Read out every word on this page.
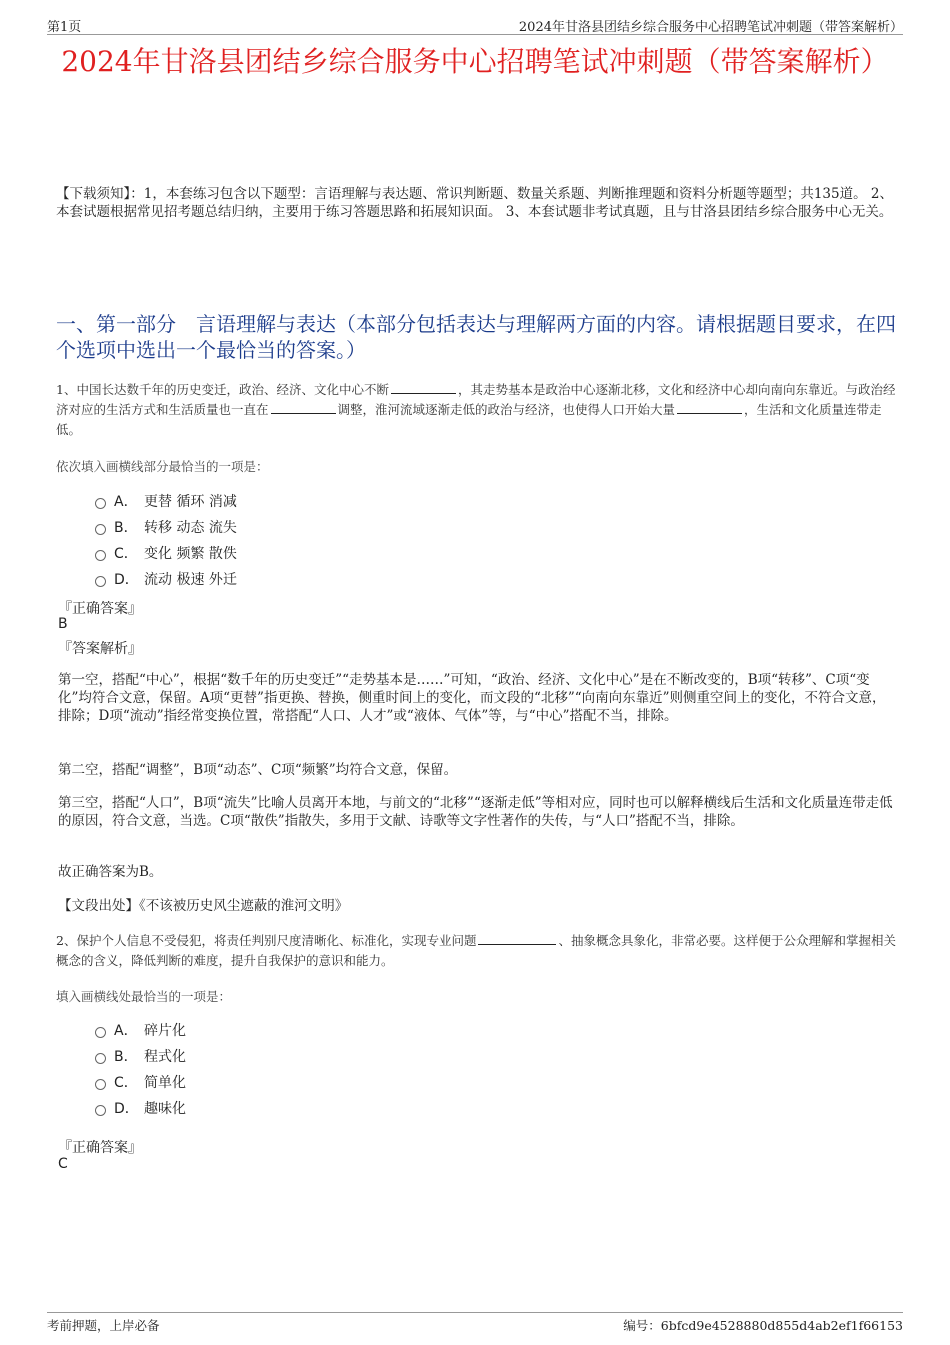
第1页	2024年甘洛县团结乡综合服务中心招聘笔试冲刺题（带答案解析）
2024年甘洛县团结乡综合服务中心招聘笔试冲刺题（带答案解析）
【下载须知】：1，本套练习包含以下题型：言语理解与表达题、常识判断题、数量关系题、判断推理题和资料分析题等题型；共135道。 2、本套试题根据常见招考题总结归纳，主要用于练习答题思路和拓展知识面。 3、本套试题非考试真题，且与甘洛县团结乡综合服务中心无关。
一、第一部分　言语理解与表达（本部分包括表达与理解两方面的内容。请根据题目要求，在四个选项中选出一个最恰当的答案。）
1、中国长达数千年的历史变迁，政治、经济、文化中心不断	，其走势基本是政治中心逐渐北移，文化和经济中心却向南向东靠近。与政治经济对应的生活方式和生活质量也一直在	调整，淮河流域逐渐走低的政治与经济，也使得人口开始大量	，生活和文化质量连带走低。
依次填入画横线部分最恰当的一项是：
A． 更替 循环 消减
B． 转移 动态 流失
C． 变化 频繁 散佚
D． 流动 极速 外迁
『正确答案』
B
『答案解析』
第一空，搭配“中心”，根据“数千年的历史变迁”“走势基本是……”可知，“政治、经济、文化中心”是在不断改变的，B项“转移”、C项“变化”均符合文意，保留。A项“更替”指更换、替换，侧重时间上的变化，而文段的“北移”“向南向东靠近”则侧重空间上的变化，不符合文意，排除；D项“流动”指经常变换位置，常搭配“人口、人才”或“液体、气体”等，与“中心”搭配不当，排除。
第二空，搭配“调整”，B项“动态”、C项“频繁”均符合文意，保留。
第三空，搭配“人口”，B项“流失”比喻人员离开本地，与前文的“北移”“逐渐走低”等相对应，同时也可以解释横线后生活和文化质量连带走低的原因，符合文意，当选。C项“散佚”指散失，多用于文献、诗歌等文字性著作的失传，与“人口”搭配不当，排除。
故正确答案为B。
【文段出处】《不该被历史风尘遮蔽的淮河文明》
2、保护个人信息不受侵犯，将责任判别尺度清晰化、标准化，实现专业问题	、抽象概念具象化，非常必要。这样便于公众理解和掌握相关概念的含义，降低判断的难度，提升自我保护的意识和能力。
填入画横线处最恰当的一项是：
A． 碎片化
B． 程式化
C． 简单化
D． 趣味化
『正确答案』
C
考前押题，上岸必备	编号：6bfcd9e4528880d855d4ab2ef1f66153
